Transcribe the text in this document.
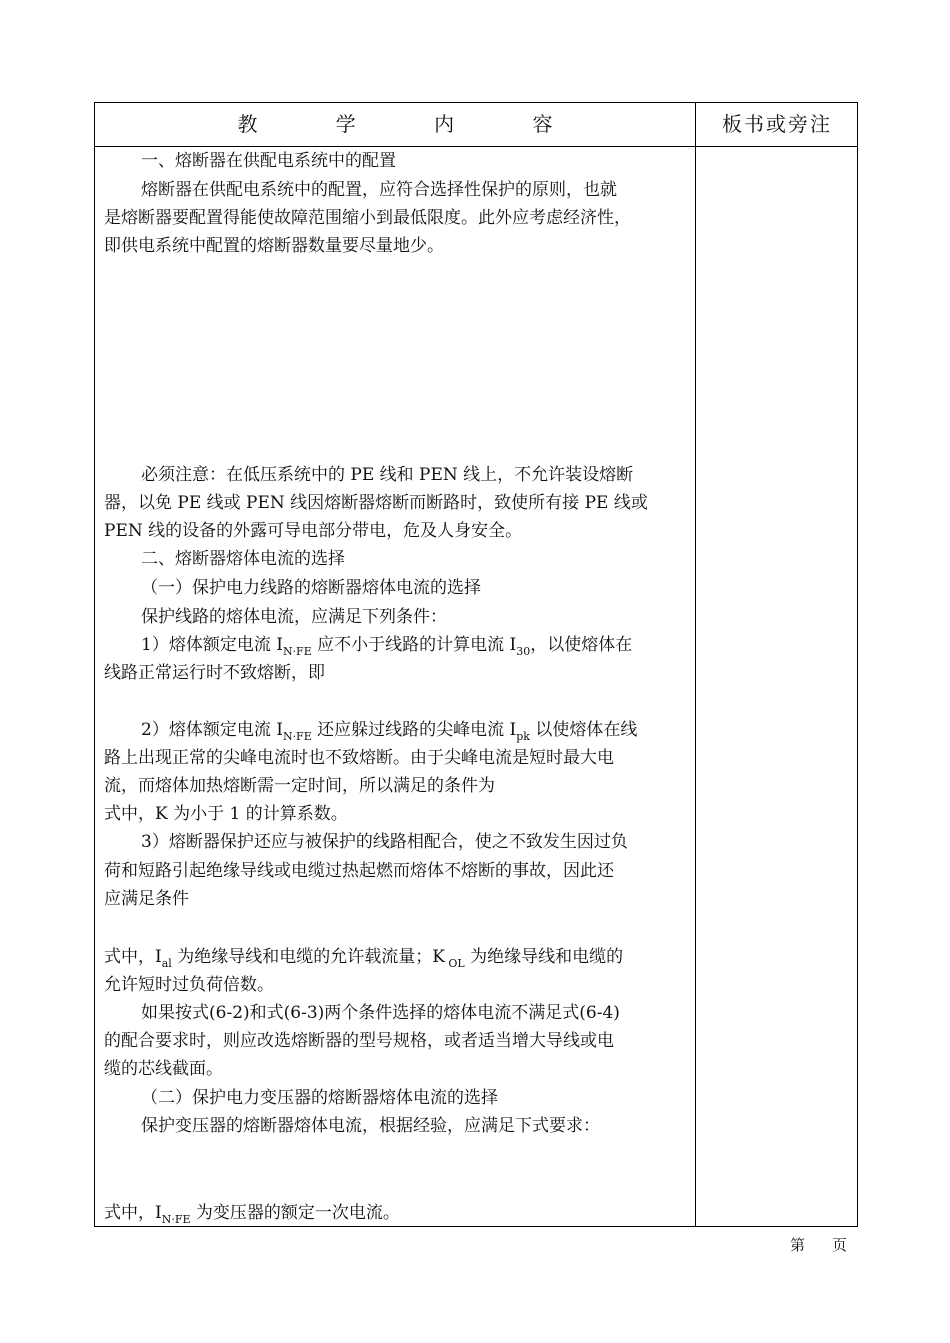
教 学 内 容	板书或旁注
一、熔断器在供配电系统中的配置
熔断器在供配电系统中的配置，应符合选择性保护的原则，也就
是熔断器要配置得能使故障范围缩小到最低限度。此外应考虑经济性，
即供电系统中配置的熔断器数量要尽量地少。
必须注意：在低压系统中的 PE 线和 PEN 线上，不允许装设熔断
器，以免 PE 线或 PEN 线因熔断器熔断而断路时，致使所有接 PE 线或
PEN 线的设备的外露可导电部分带电，危及人身安全。
二、熔断器熔体电流的选择
（一）保护电力线路的熔断器熔体电流的选择
保护线路的熔体电流，应满足下列条件：
1）熔体额定电流 $I_{N\cdot FE}$ 应不小于线路的计算电流 $I_{30}$，以使熔体在
线路正常运行时不致熔断，即
2）熔体额定电流 $I_{N\cdot FE}$ 还应躲过线路的尖峰电流 $I_{pk}$ 以使熔体在线
路上出现正常的尖峰电流时也不致熔断。由于尖峰电流是短时最大电
流，而熔体加热熔断需一定时间，所以满足的条件为
式中，K 为小于 1 的计算系数。
3）熔断器保护还应与被保护的线路相配合，使之不致发生因过负
荷和短路引起绝缘导线或电缆过热起燃而熔体不熔断的事故，因此还
应满足条件
式中，$I_{al}$ 为绝缘导线和电缆的允许载流量；K $_{OL}$ 为绝缘导线和电缆的
允许短时过负荷倍数。
如果按式(6-2)和式(6-3)两个条件选择的熔体电流不满足式(6-4)
的配合要求时，则应改选熔断器的型号规格，或者适当增大导线或电
缆的芯线截面。
（二）保护电力变压器的熔断器熔体电流的选择
保护变压器的熔断器熔体电流，根据经验，应满足下式要求：
式中，$I_{N\cdot FE}$ 为变压器的额定一次电流。
第 页
